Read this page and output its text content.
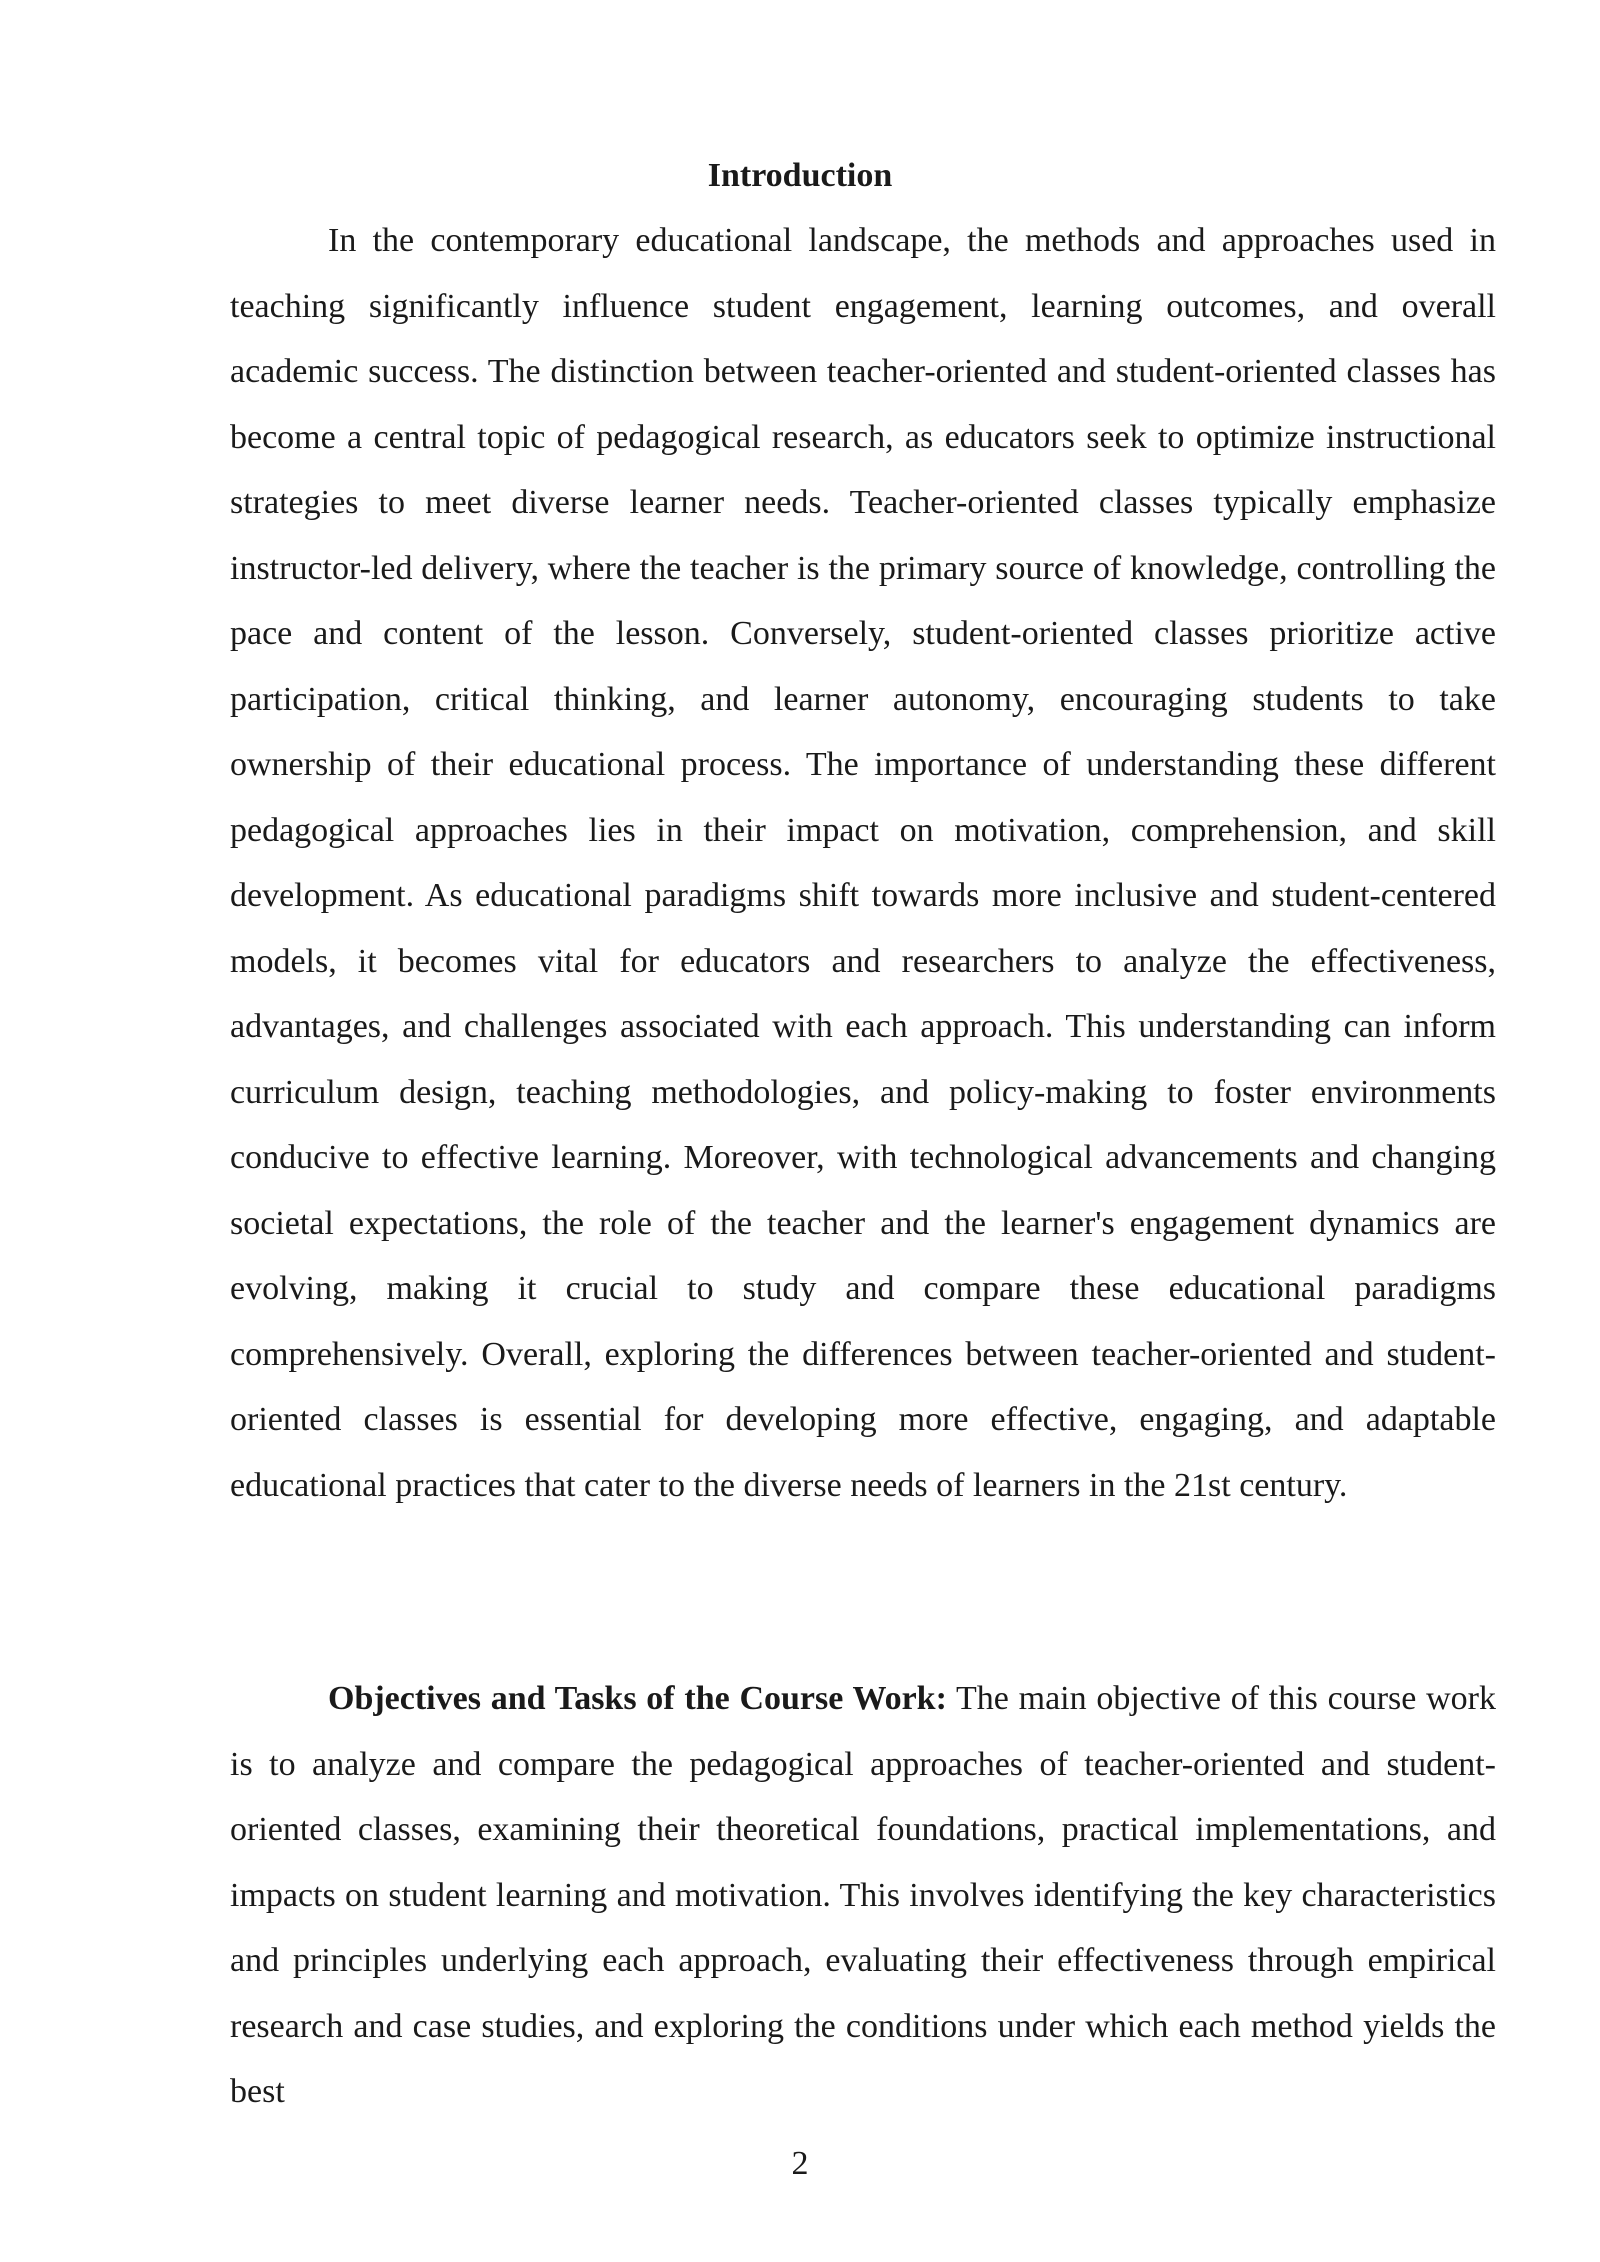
Introduction

In the contemporary educational landscape, the methods and approaches used in teaching significantly influence student engagement, learning outcomes, and overall academic success. The distinction between teacher-oriented and student-oriented classes has become a central topic of pedagogical research, as educators seek to optimize instructional strategies to meet diverse learner needs. Teacher-oriented classes typically emphasize instructor-led delivery, where the teacher is the primary source of knowledge, controlling the pace and content of the lesson. Conversely, student-oriented classes prioritize active participation, critical thinking, and learner autonomy, encouraging students to take ownership of their educational process. The importance of understanding these different pedagogical approaches lies in their impact on motivation, comprehension, and skill development. As educational paradigms shift towards more inclusive and student-centered models, it becomes vital for educators and researchers to analyze the effectiveness, advantages, and challenges associated with each approach. This understanding can inform curriculum design, teaching methodologies, and policy-making to foster environments conducive to effective learning. Moreover, with technological advancements and changing societal expectations, the role of the teacher and the learner's engagement dynamics are evolving, making it crucial to study and compare these educational paradigms comprehensively. Overall, exploring the differences between teacher-oriented and student-oriented classes is essential for developing more effective, engaging, and adaptable educational practices that cater to the diverse needs of learners in the 21st century.

Objectives and Tasks of the Course Work: The main objective of this course work is to analyze and compare the pedagogical approaches of teacher-oriented and student-oriented classes, examining their theoretical foundations, practical implementations, and impacts on student learning and motivation. This involves identifying the key characteristics and principles underlying each approach, evaluating their effectiveness through empirical research and case studies, and exploring the conditions under which each method yields the best

2
